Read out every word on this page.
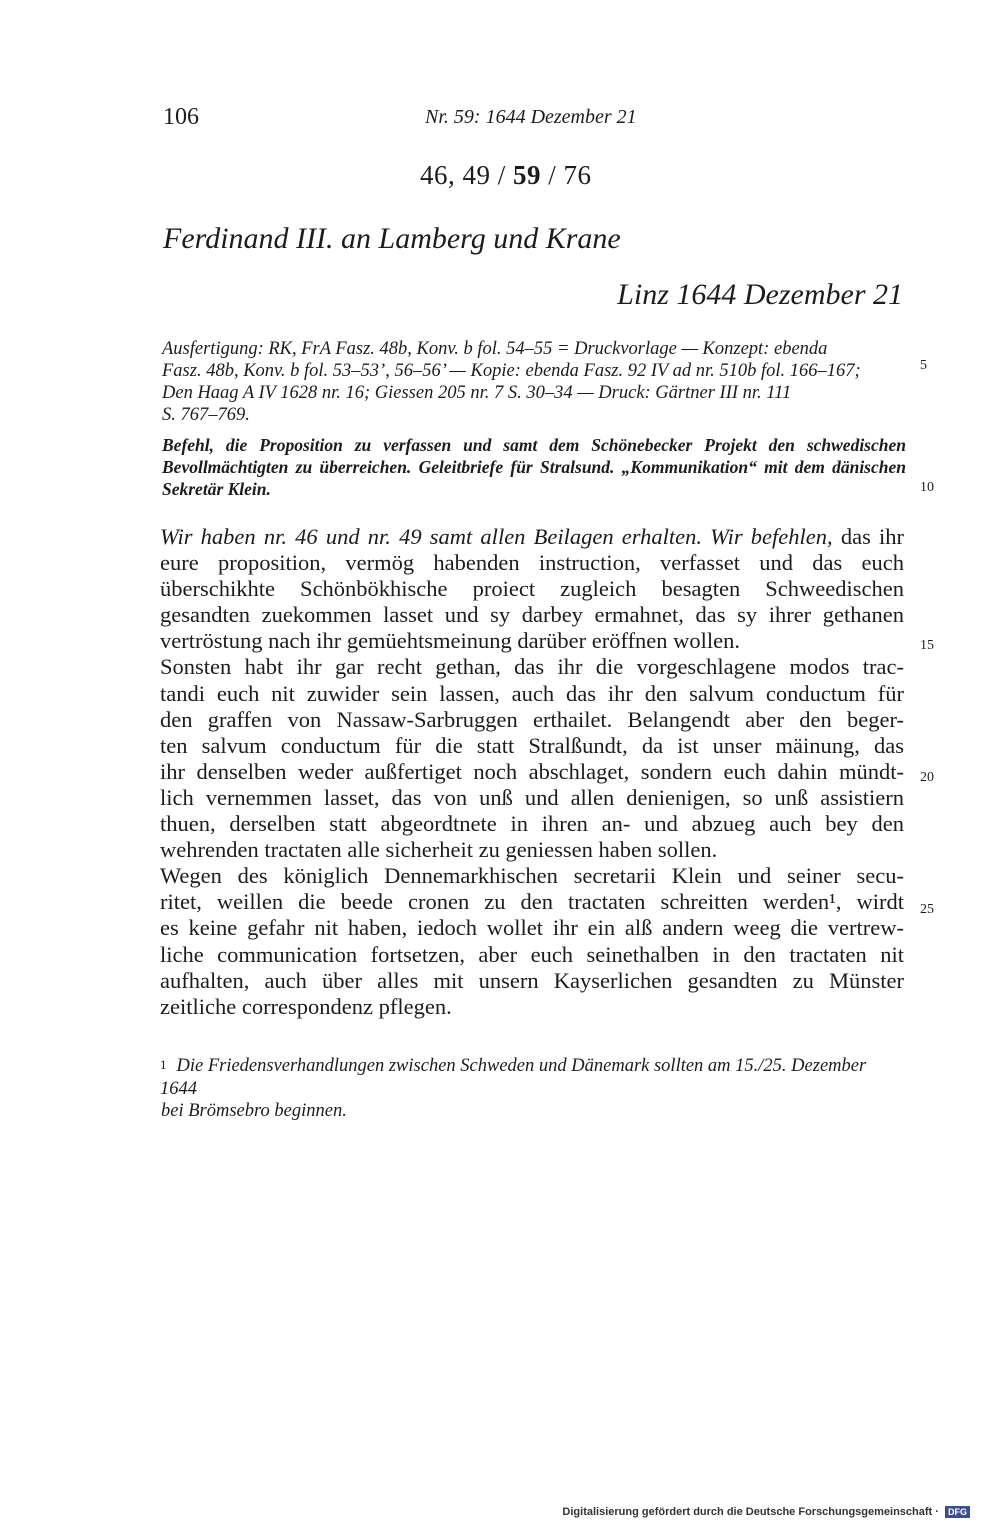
106	Nr. 59: 1644 Dezember 21
46, 49 / 59 / 76
Ferdinand III. an Lamberg und Krane
Linz 1644 Dezember 21
Ausfertigung: RK, FrA Fasz. 48b, Konv. b fol. 54–55 = Druckvorlage — Konzept: ebenda
Fasz. 48b, Konv. b fol. 53–53’, 56–56’ — Kopie: ebenda Fasz. 92 IV ad nr. 510b fol. 166–167;
Den Haag A IV 1628 nr. 16; Giessen 205 nr. 7 S. 30–34 — Druck: Gärtner III nr. 111
S. 767–769.
Befehl, die Proposition zu verfassen und samt dem Schönebecker Projekt den schwedischen Bevollmächtigten zu überreichen. Geleitbriefe für Stralsund. „Kommunikation“ mit dem dänischen Sekretär Klein.
Wir haben nr. 46 und nr. 49 samt allen Beilagen erhalten. Wir befehlen, das ihr
eure proposition, vermög habenden instruction, verfasset und das euch
überschikhte Schönbökhische proiect zugleich besagten Schweedischen
gesandten zuekommen lasset und sy darbey ermahnet, das sy ihrer gethanen
vertröstung nach ihr gemüehtsmeinung darüber eröffnen wollen.
Sonsten habt ihr gar recht gethan, das ihr die vorgeschlagene modos trac-
tandi euch nit zuwider sein lassen, auch das ihr den salvum conductum für
den graffen von Nassaw-Sarbruggen erthailet. Belangendt aber den beger-
ten salvum conductum für die statt Stralßundt, da ist unser mäinung, das
ihr denselben weder außfertiget noch abschlaget, sondern euch dahin mündt-
lich vernemmen lasset, das von unß und allen denienigen, so unß assistiern
thuen, derselben statt abgeordtnete in ihren an- und abzueg auch bey den
wehrenden tractaten alle sicherheit zu geniessen haben sollen.
Wegen des königlich Dennemarkhischen secretarii Klein und seiner secu-
ritet, weillen die beede cronen zu den tractaten schreitten werden¹, wirdt
es keine gefahr nit haben, iedoch wollet ihr ein alß andern weeg die vertrew-
liche communication fortsetzen, aber euch seinethalben in den tractaten nit
aufhalten, auch über alles mit unsern Kayserlichen gesandten zu Münster
zeitliche correspondenz pflegen.
5
10
15
20
25
1 Die Friedensverhandlungen zwischen Schweden und Dänemark sollten am 15./25. Dezember 1644
bei Brömsebro beginnen.
Digitalisierung gefördert durch die Deutsche Forschungsgemeinschaft · DFG
